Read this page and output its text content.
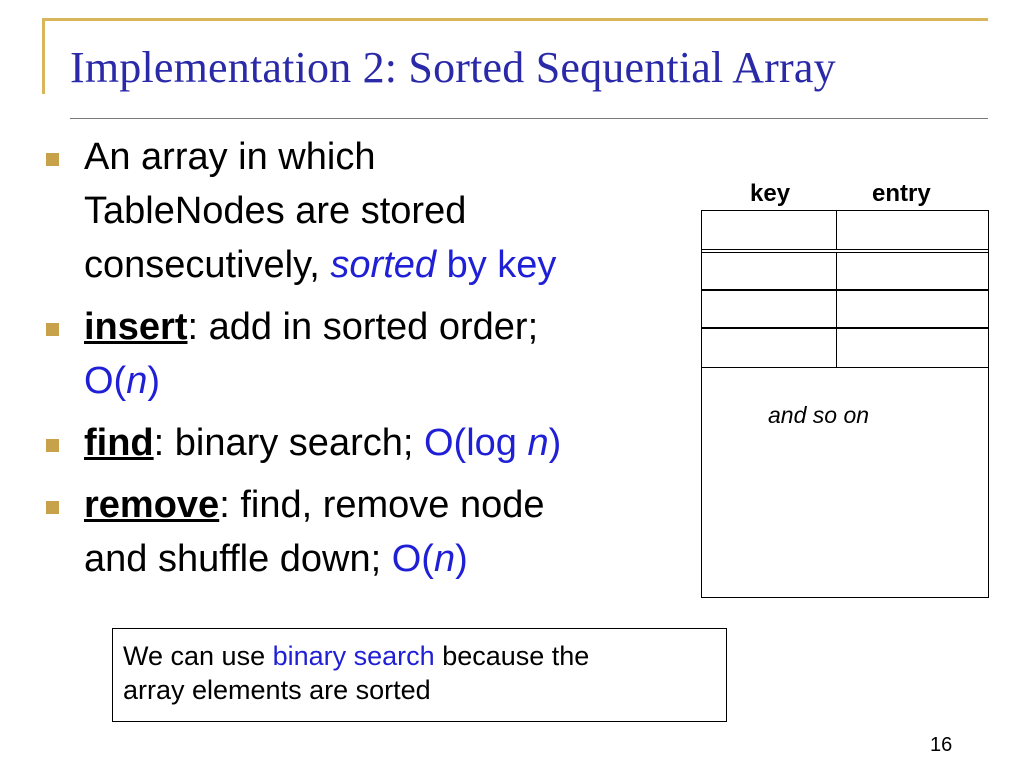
Implementation 2: Sorted Sequential Array
An array in which
TableNodes are stored
consecutively, sorted by key
insert: add in sorted order;
O(n)
find: binary search; O(log n)
remove: find, remove node
and shuffle down; O(n)
key	entry
and so on
We can use binary search because the
array elements are sorted
16
